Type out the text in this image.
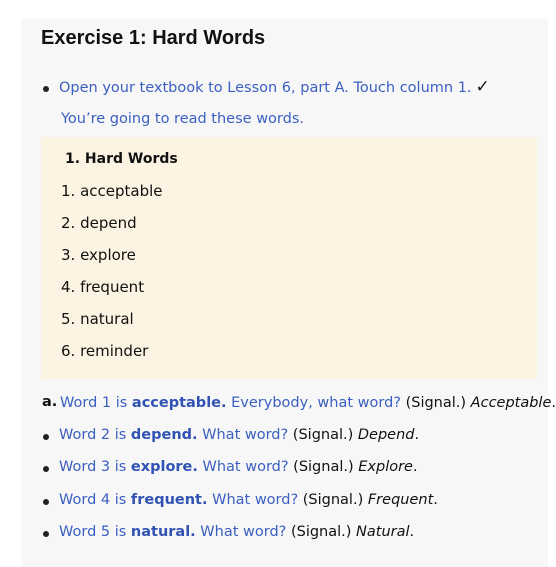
Exercise 1: Hard Words
Open your textbook to Lesson 6, part A. Touch column 1. ✓
You’re going to read these words.
1. Hard Words
1. acceptable
2. depend
3. explore
4. frequent
5. natural
6. reminder
a. Word 1 is acceptable. Everybody, what word? (Signal.) Acceptable.
Word 2 is depend. What word? (Signal.) Depend.
Word 3 is explore. What word? (Signal.) Explore.
Word 4 is frequent. What word? (Signal.) Frequent.
Word 5 is natural. What word? (Signal.) Natural.
